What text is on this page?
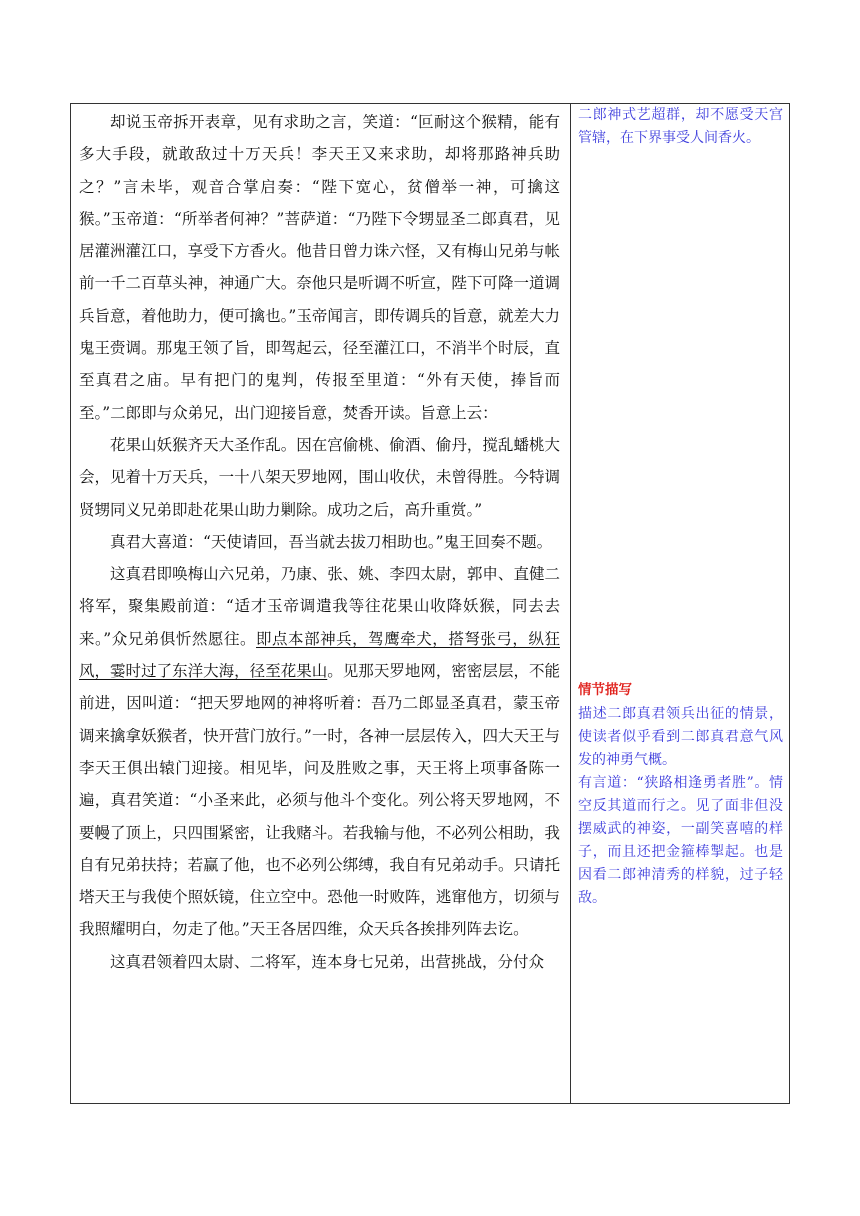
却说玉帝拆开表章，见有求助之言，笑道：“叵耐这个猴精，能有多大手段，就敢敌过十万天兵！李天王又来求助，却将那路神兵助之？”言未毕，观音合掌启奏：“陛下宽心，贫僧举一神，可擒这猴。”玉帝道：“所举者何神？”菩萨道：“乃陛下令甥显圣二郎真君，见居灌洲灌江口，享受下方香火。他昔日曾力诛六怪，又有梅山兄弟与帐前一千二百草头神，神通广大。奈他只是听调不听宣，陛下可降一道调兵旨意，着他助力，便可擒也。”玉帝闻言，即传调兵的旨意，就差大力鬼王赍调。那鬼王领了旨，即驾起云，径至灌江口，不消半个时辰，直至真君之庙。早有把门的鬼判，传报至里道：“外有天使，捧旨而至。”二郎即与众弟兄，出门迎接旨意，焚香开读。旨意上云：

花果山妖猴齐天大圣作乱。因在宫偷桃、偷酒、偷丹，搅乱蟠桃大会，见着十万天兵，一十八架天罗地网，围山收伏，未曾得胜。今特调贤甥同义兄弟即赴花果山助力剿除。成功之后，高升重赏。”

真君大喜道：“天使请回，吾当就去拔刀相助也。”鬼王回奏不题。

这真君即唤梅山六兄弟，乃康、张、姚、李四太尉，郭申、直健二将军，聚集殿前道：“适才玉帝调遣我等往花果山收降妖猴，同去去来。”众兄弟俱忻然愿往。即点本部神兵，驾鹰牵犬，搭弩张弓，纵狂风，霎时过了东洋大海，径至花果山。见那天罗地网，密密层层，不能前进，因叫道：“把天罗地网的神将听着：吾乃二郎显圣真君，蒙玉帝调来擒拿妖猴者，快开营门放行。”一时，各神一层层传入，四大天王与李天王俱出辕门迎接。相见毕，问及胜败之事，天王将上项事备陈一遍，真君笑道：“小圣来此，必须与他斗个变化。列公将天罗地网，不要幔了顶上，只四围紧密，让我赌斗。若我输与他，不必列公相助，我自有兄弟扶持；若赢了他，也不必列公绑缚，我自有兄弟动手。只请托塔天王与我使个照妖镜，住立空中。恐他一时败阵，逃窜他方，切须与我照耀明白，勿走了他。”天王各居四维，众天兵各挨排列阵去讫。

这真君领着四太尉、二将军，连本身七兄弟，出营挑战，分付众

二郎神式艺超群，却不愿受天宫管辖，在下界事受人间香火。

情节描写

描述二郎真君领兵出征的情景，使读者似乎看到二郎真君意气风发的神勇气概。

有言道：“狭路相逢勇者胜”。情空反其道而行之。见了面非但没摆威武的神姿，一副笑喜嘻的样子，而且还把金箍棒掣起。也是因看二郎神清秀的样貌，过子轻敌。
